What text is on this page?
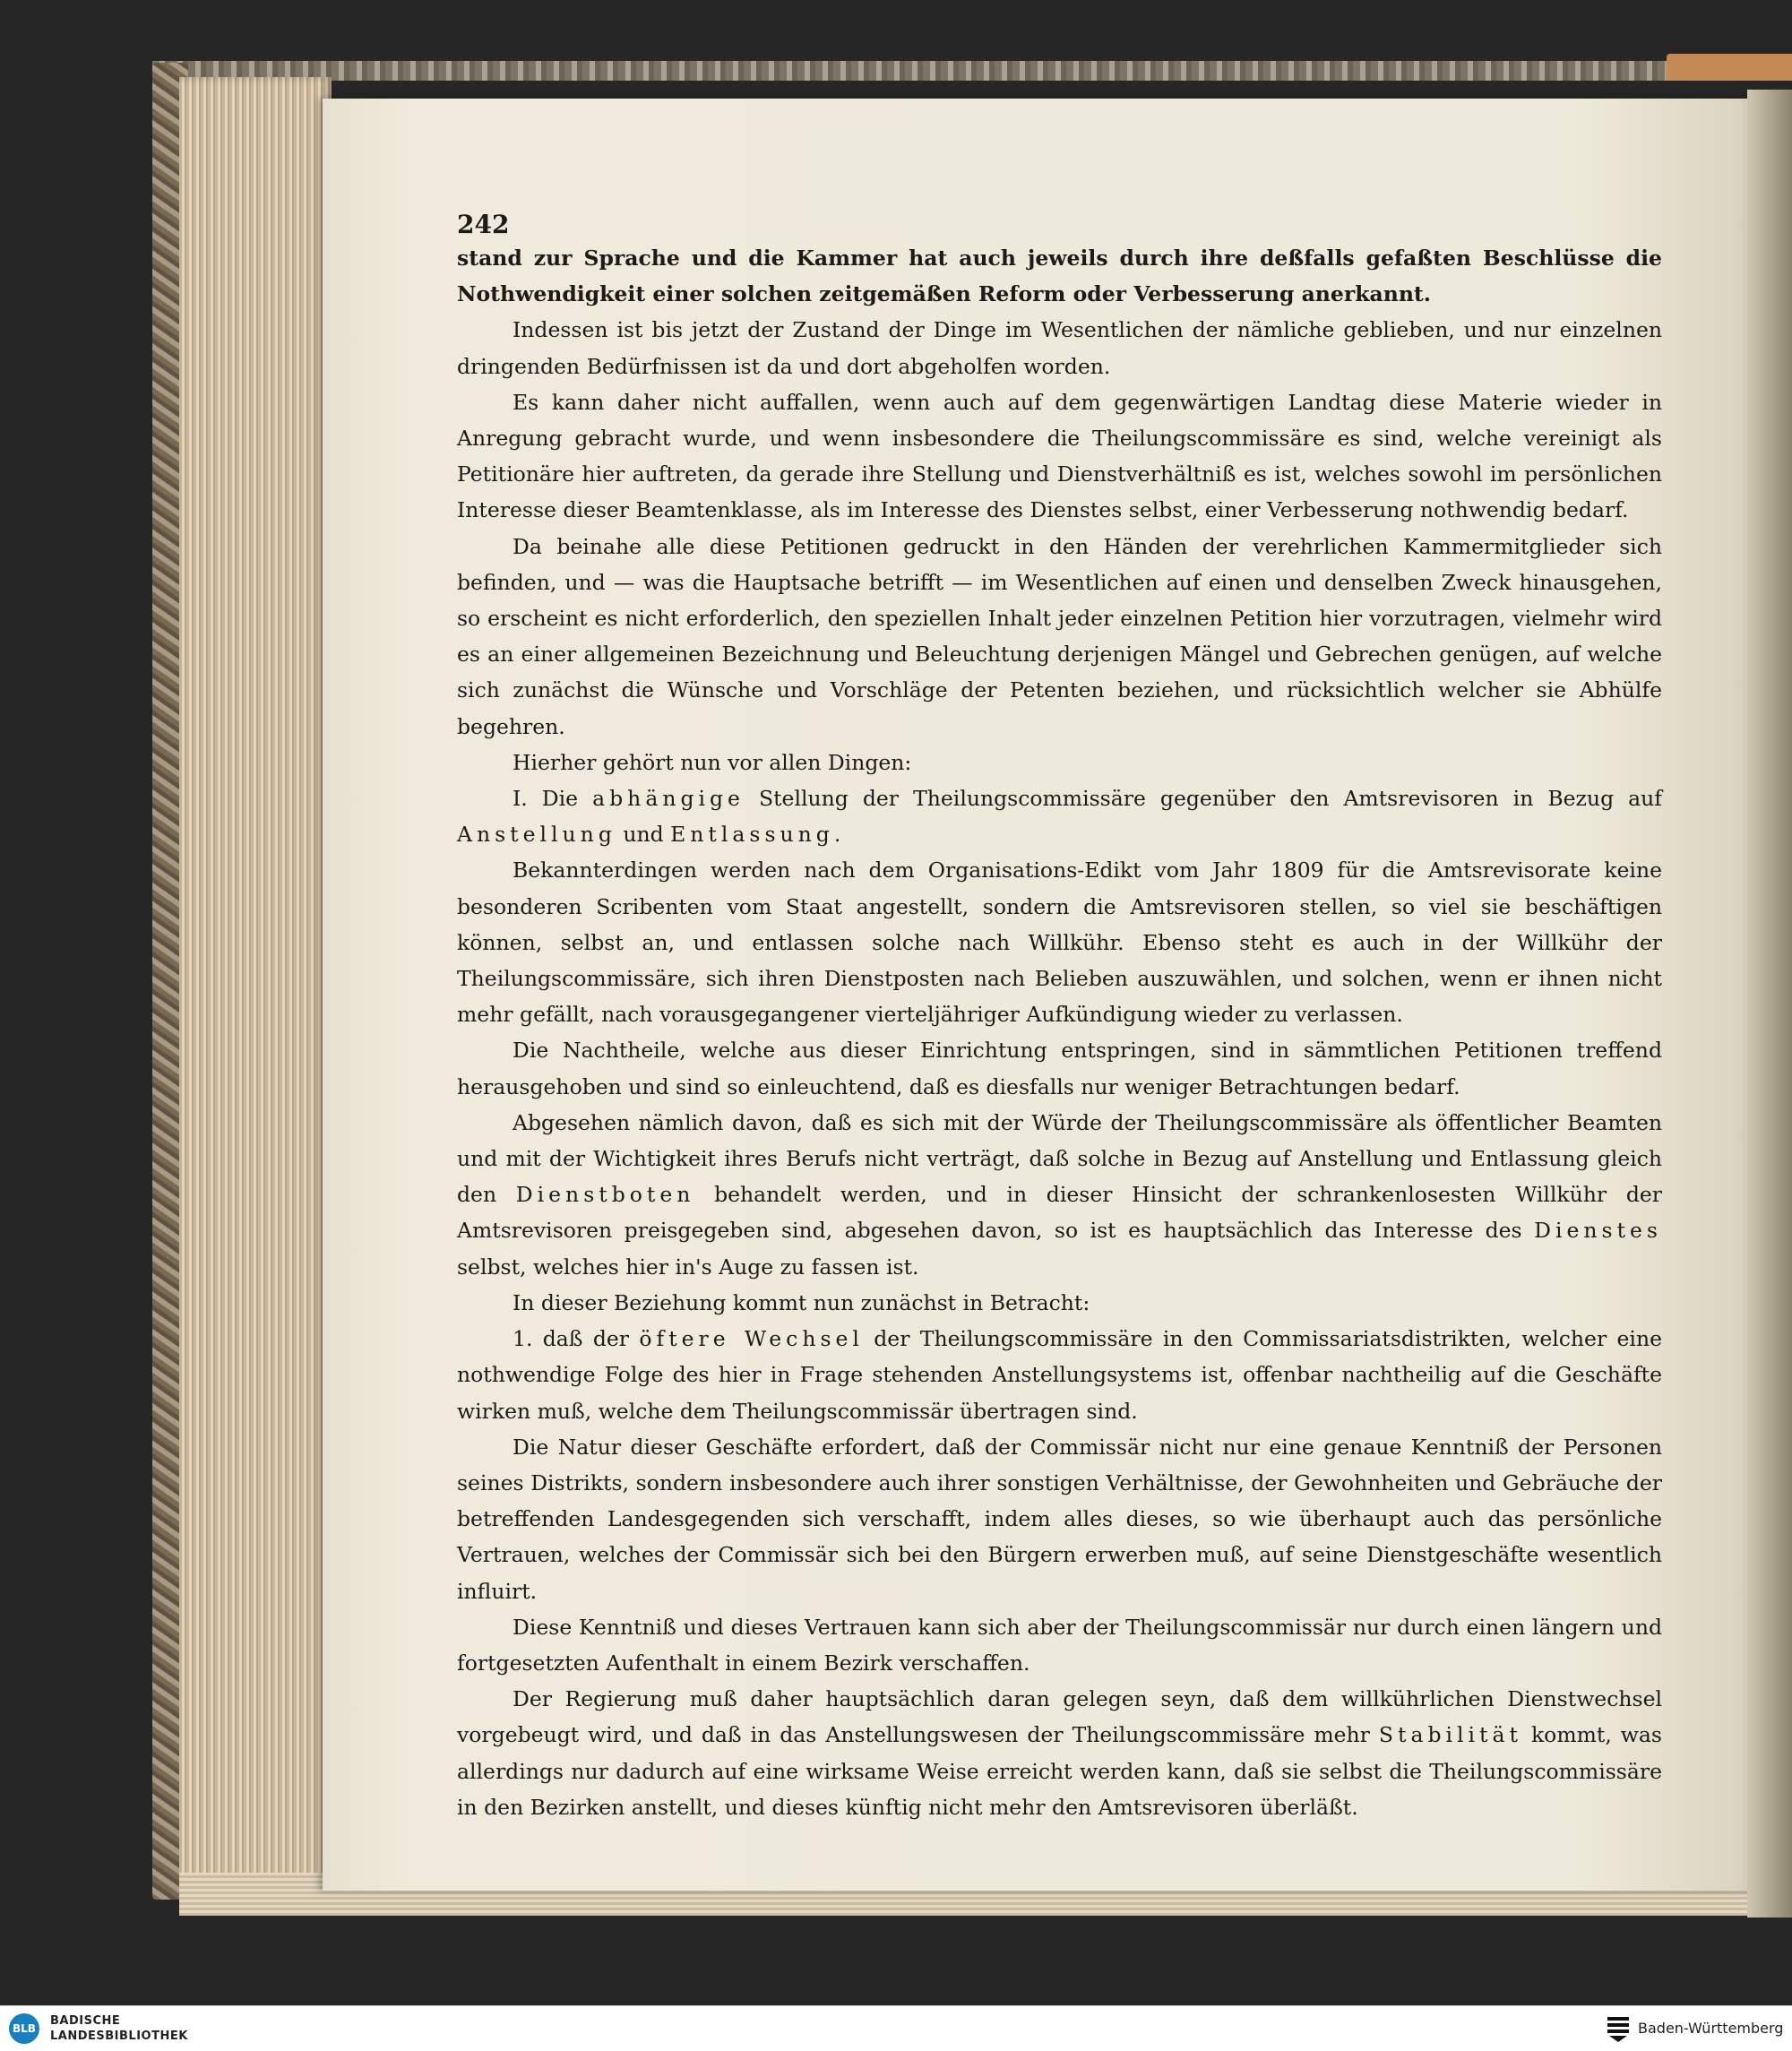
242

stand zur Sprache und die Kammer hat auch jeweils durch ihre deßfalls gefaßten Beschlüsse die Nothwendigkeit einer solchen zeitgemäßen Reform oder Verbesserung anerkannt.

Indessen ist bis jetzt der Zustand der Dinge im Wesentlichen der nämliche geblieben, und nur einzelnen dringenden Bedürfnissen ist da und dort abgeholfen worden.

Es kann daher nicht auffallen, wenn auch auf dem gegenwärtigen Landtag diese Materie wieder in Anregung gebracht wurde, und wenn insbesondere die Theilungscommissäre es sind, welche vereinigt als Petitionäre hier auftreten, da gerade ihre Stellung und Dienstverhältniß es ist, welches sowohl im persönlichen Interesse dieser Beamtenklasse, als im Interesse des Dienstes selbst, einer Verbesserung nothwendig bedarf.

Da beinahe alle diese Petitionen gedruckt in den Händen der verehrlichen Kammermitglieder sich befinden, und — was die Hauptsache betrifft — im Wesentlichen auf einen und denselben Zweck hinausgehen, so erscheint es nicht erforderlich, den speziellen Inhalt jeder einzelnen Petition hier vorzutragen, vielmehr wird es an einer allgemeinen Bezeichnung und Beleuchtung derjenigen Mängel und Gebrechen genügen, auf welche sich zunächst die Wünsche und Vorschläge der Petenten beziehen, und rücksichtlich welcher sie Abhülfe begehren.

Hierher gehört nun vor allen Dingen:

I. Die abhängige Stellung der Theilungscommissäre gegenüber den Amtsrevisoren in Bezug auf Anstellung und Entlassung.

Bekannterdingen werden nach dem Organisations-Edikt vom Jahr 1809 für die Amtsrevisorate keine besonderen Scribenten vom Staat angestellt, sondern die Amtsrevisoren stellen, so viel sie beschäftigen können, selbst an, und entlassen solche nach Willkühr. Ebenso steht es auch in der Willkühr der Theilungscommissäre, sich ihren Dienstposten nach Belieben auszuwählen, und solchen, wenn er ihnen nicht mehr gefällt, nach vorausgegangener vierteljähriger Aufkündigung wieder zu verlassen.

Die Nachtheile, welche aus dieser Einrichtung entspringen, sind in sämmtlichen Petitionen treffend herausgehoben und sind so einleuchtend, daß es diesfalls nur weniger Betrachtungen bedarf.

Abgesehen nämlich davon, daß es sich mit der Würde der Theilungscommissäre als öffentlicher Beamten und mit der Wichtigkeit ihres Berufs nicht verträgt, daß solche in Bezug auf Anstellung und Entlassung gleich den Dienstboten behandelt werden, und in dieser Hinsicht der schrankenlosesten Willkühr der Amtsrevisoren preisgegeben sind, abgesehen davon, so ist es hauptsächlich das Interesse des Dienstes selbst, welches hier in's Auge zu fassen ist.

In dieser Beziehung kommt nun zunächst in Betracht:

1. daß der öftere Wechsel der Theilungscommissäre in den Commissariatsdistrikten, welcher eine nothwendige Folge des hier in Frage stehenden Anstellungsystems ist, offenbar nachtheilig auf die Geschäfte wirken muß, welche dem Theilungscommissär übertragen sind.

Die Natur dieser Geschäfte erfordert, daß der Commissär nicht nur eine genaue Kenntniß der Personen seines Distrikts, sondern insbesondere auch ihrer sonstigen Verhältnisse, der Gewohnheiten und Gebräuche der betreffenden Landesgegenden sich verschafft, indem alles dieses, so wie überhaupt auch das persönliche Vertrauen, welches der Commissär sich bei den Bürgern erwerben muß, auf seine Dienstgeschäfte wesentlich influirt.

Diese Kenntniß und dieses Vertrauen kann sich aber der Theilungscommissär nur durch einen längern und fortgesetzten Aufenthalt in einem Bezirk verschaffen.

Der Regierung muß daher hauptsächlich daran gelegen seyn, daß dem willkührlichen Dienstwechsel vorgebeugt wird, und daß in das Anstellungswesen der Theilungscommissäre mehr Stabilität kommt, was allerdings nur dadurch auf eine wirksame Weise erreicht werden kann, daß sie selbst die Theilungscommissäre in den Bezirken anstellt, und dieses künftig nicht mehr den Amtsrevisoren überläßt.

BLB
BADISCHE
LANDESBIBLIOTHEK	Baden-Württemberg
